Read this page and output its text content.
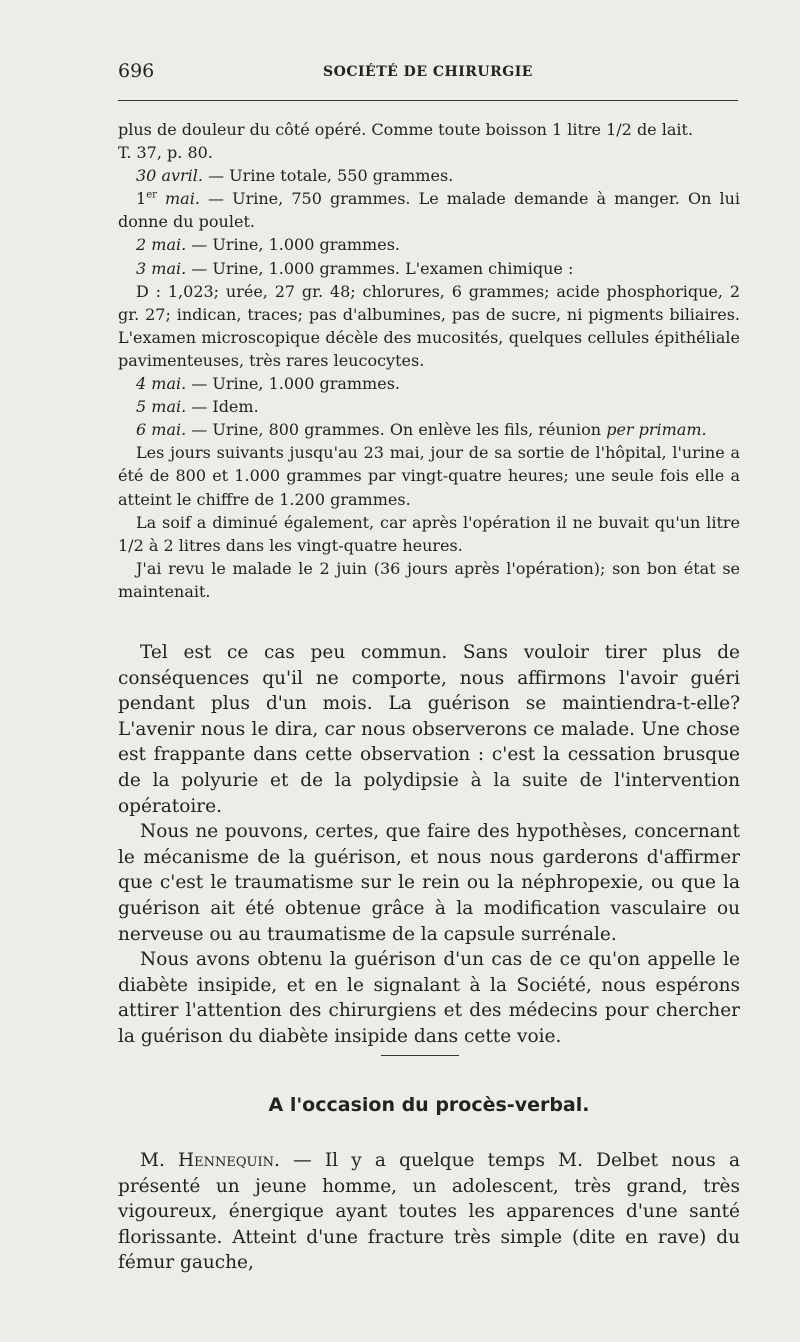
696	SOCIÉTÉ DE CHIRURGIE

plus de douleur du côté opéré. Comme toute boisson 1 litre 1/2 de lait.

T. 37, p. 80.

30 avril. — Urine totale, 550 grammes.

1er mai. — Urine, 750 grammes. Le malade demande à manger. On lui donne du poulet.

2 mai. — Urine, 1.000 grammes.

3 mai. — Urine, 1.000 grammes. L'examen chimique :

D : 1,023; urée, 27 gr. 48; chlorures, 6 grammes; acide phosphorique, 2 gr. 27; indican, traces; pas d'albumines, pas de sucre, ni pigments biliaires. L'examen microscopique décèle des mucosités, quelques cellules épithéliale pavimenteuses, très rares leucocytes.

4 mai. — Urine, 1.000 grammes.

5 mai. — Idem.

6 mai. — Urine, 800 grammes. On enlève les fils, réunion per primam.

Les jours suivants jusqu'au 23 mai, jour de sa sortie de l'hôpital, l'urine a été de 800 et 1.000 grammes par vingt-quatre heures; une seule fois elle a atteint le chiffre de 1.200 grammes.

La soif a diminué également, car après l'opération il ne buvait qu'un litre 1/2 à 2 litres dans les vingt-quatre heures.

J'ai revu le malade le 2 juin (36 jours après l'opération); son bon état se maintenait.

Tel est ce cas peu commun. Sans vouloir tirer plus de conséquences qu'il ne comporte, nous affirmons l'avoir guéri pendant plus d'un mois. La guérison se maintiendra-t-elle? L'avenir nous le dira, car nous observerons ce malade. Une chose est frappante dans cette observation : c'est la cessation brusque de la polyurie et de la polydipsie à la suite de l'intervention opératoire.

Nous ne pouvons, certes, que faire des hypothèses, concernant le mécanisme de la guérison, et nous nous garderons d'affirmer que c'est le traumatisme sur le rein ou la néphropexie, ou que la guérison ait été obtenue grâce à la modification vasculaire ou nerveuse ou au traumatisme de la capsule surrénale.

Nous avons obtenu la guérison d'un cas de ce qu'on appelle le diabète insipide, et en le signalant à la Société, nous espérons attirer l'attention des chirurgiens et des médecins pour chercher la guérison du diabète insipide dans cette voie.

A l'occasion du procès-verbal.

M. Hennequin. — Il y a quelque temps M. Delbet nous a présenté un jeune homme, un adolescent, très grand, très vigoureux, énergique ayant toutes les apparences d'une santé florissante. Atteint d'une fracture très simple (dite en rave) du fémur gauche,
